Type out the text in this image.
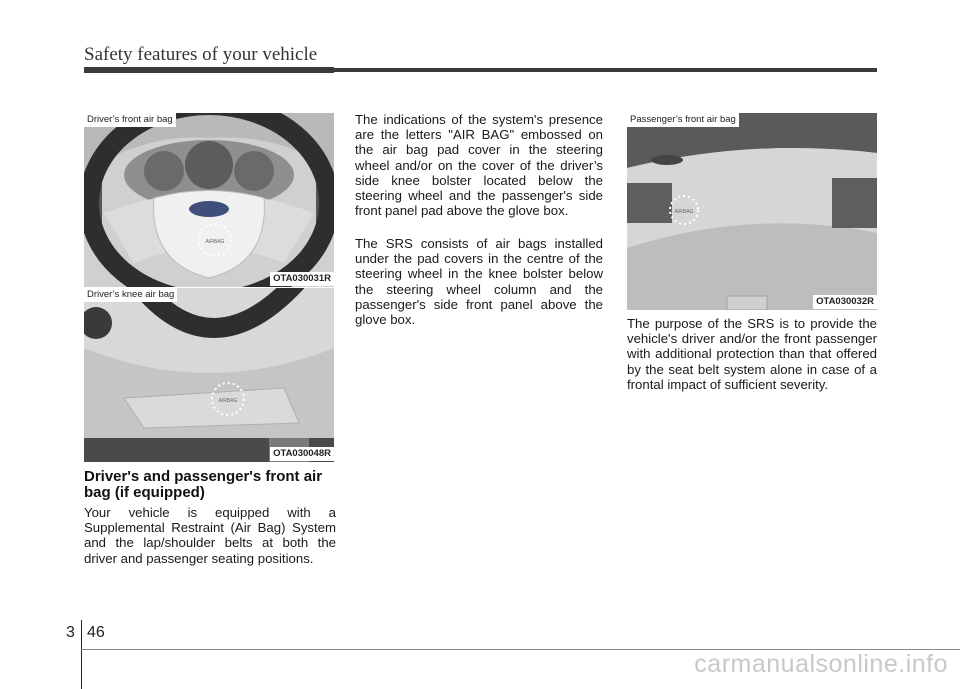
Safety features of your vehicle
AIRBAG
Driver’s front air bag
OTA030031R
AIRBAG
Driver’s knee air bag
OTA030048R
AIRBAG
Passenger’s front air bag
OTA030032R
Driver's and passenger's front air bag (if equipped)

Your vehicle is equipped with a Supplemental Restraint (Air Bag) System and the lap/shoulder belts at both the driver and passenger seating positions.

The indications of the system's presence are the letters "AIR BAG" embossed on the air bag pad cover in the steering wheel and/or on the cover of the driver’s side knee bolster located below the steering wheel and the passenger's side front panel pad above the glove box.

The SRS consists of air bags installed under the pad covers in the centre of the steering wheel in the knee bolster below the steering wheel column and the passenger's side front panel above the glove box.	The purpose of the SRS is to provide the vehicle's driver and/or the front passenger with additional protection than that offered by the seat belt system alone in case of a frontal impact of sufficient severity.

3 46
carmanualsonline.info
